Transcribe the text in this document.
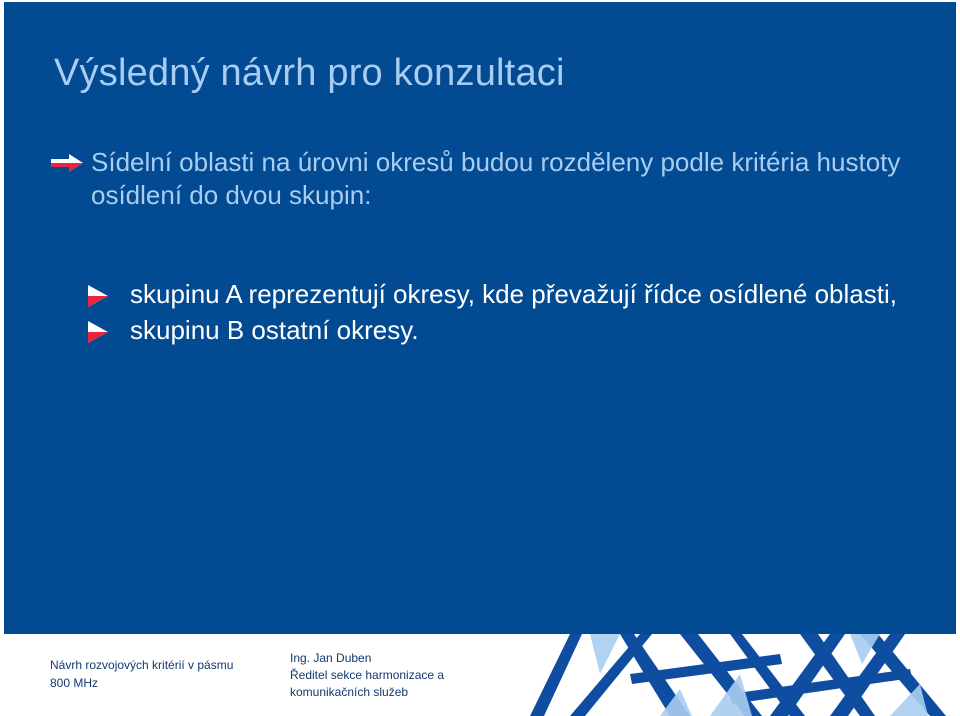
Výsledný návrh pro konzultaci
Sídelní oblasti na úrovni okresů budou rozděleny podle kritéria hustoty osídlení do dvou skupin:
skupinu A reprezentují okresy, kde převažují řídce osídlené oblasti,
skupinu B ostatní okresy.
Návrh rozvojových kritérií v pásmu 800 MHz
Ing. Jan Duben
Ředitel sekce harmonizace a komunikačních služeb
